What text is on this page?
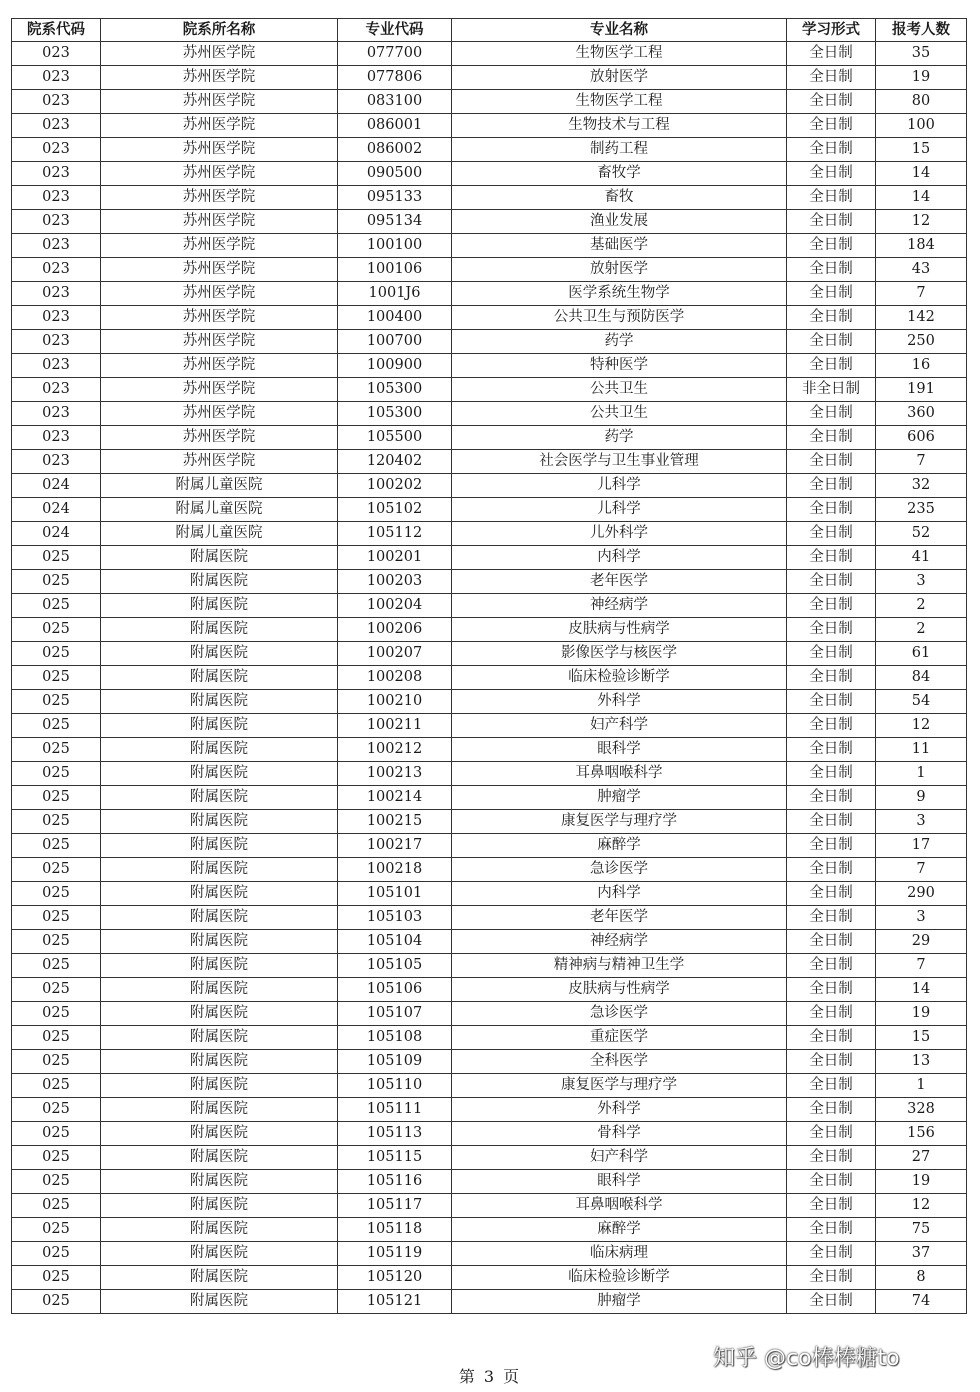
院系代码	院系所名称	专业代码	专业名称	学习形式	报考人数
023	苏州医学院	077700	生物医学工程	全日制	35
023	苏州医学院	077806	放射医学	全日制	19
023	苏州医学院	083100	生物医学工程	全日制	80
023	苏州医学院	086001	生物技术与工程	全日制	100
023	苏州医学院	086002	制药工程	全日制	15
023	苏州医学院	090500	畜牧学	全日制	14
023	苏州医学院	095133	畜牧	全日制	14
023	苏州医学院	095134	渔业发展	全日制	12
023	苏州医学院	100100	基础医学	全日制	184
023	苏州医学院	100106	放射医学	全日制	43
023	苏州医学院	1001J6	医学系统生物学	全日制	7
023	苏州医学院	100400	公共卫生与预防医学	全日制	142
023	苏州医学院	100700	药学	全日制	250
023	苏州医学院	100900	特种医学	全日制	16
023	苏州医学院	105300	公共卫生	非全日制	191
023	苏州医学院	105300	公共卫生	全日制	360
023	苏州医学院	105500	药学	全日制	606
023	苏州医学院	120402	社会医学与卫生事业管理	全日制	7
024	附属儿童医院	100202	儿科学	全日制	32
024	附属儿童医院	105102	儿科学	全日制	235
024	附属儿童医院	105112	儿外科学	全日制	52
025	附属医院	100201	内科学	全日制	41
025	附属医院	100203	老年医学	全日制	3
025	附属医院	100204	神经病学	全日制	2
025	附属医院	100206	皮肤病与性病学	全日制	2
025	附属医院	100207	影像医学与核医学	全日制	61
025	附属医院	100208	临床检验诊断学	全日制	84
025	附属医院	100210	外科学	全日制	54
025	附属医院	100211	妇产科学	全日制	12
025	附属医院	100212	眼科学	全日制	11
025	附属医院	100213	耳鼻咽喉科学	全日制	1
025	附属医院	100214	肿瘤学	全日制	9
025	附属医院	100215	康复医学与理疗学	全日制	3
025	附属医院	100217	麻醉学	全日制	17
025	附属医院	100218	急诊医学	全日制	7
025	附属医院	105101	内科学	全日制	290
025	附属医院	105103	老年医学	全日制	3
025	附属医院	105104	神经病学	全日制	29
025	附属医院	105105	精神病与精神卫生学	全日制	7
025	附属医院	105106	皮肤病与性病学	全日制	14
025	附属医院	105107	急诊医学	全日制	19
025	附属医院	105108	重症医学	全日制	15
025	附属医院	105109	全科医学	全日制	13
025	附属医院	105110	康复医学与理疗学	全日制	1
025	附属医院	105111	外科学	全日制	328
025	附属医院	105113	骨科学	全日制	156
025	附属医院	105115	妇产科学	全日制	27
025	附属医院	105116	眼科学	全日制	19
025	附属医院	105117	耳鼻咽喉科学	全日制	12
025	附属医院	105118	麻醉学	全日制	75
025	附属医院	105119	临床病理	全日制	37
025	附属医院	105120	临床检验诊断学	全日制	8
025	附属医院	105121	肿瘤学	全日制	74
第 3 页
知乎 @co棒棒糖to
